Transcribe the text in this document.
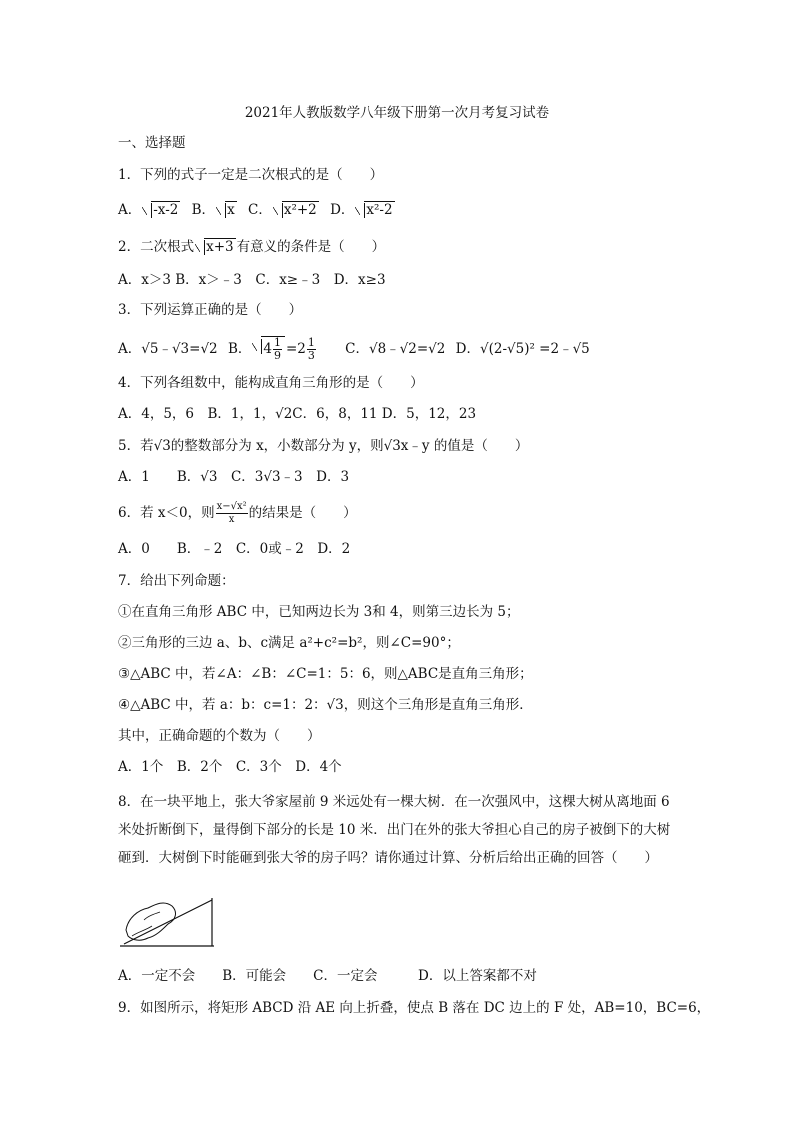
2021年人教版数学八年级下册第一次月考复习试卷
一、选择题
1．下列的式子一定是二次根式的是（　　）
A． -x-2 B． x C． x²+2 D． x²-2
2．二次根式 x+3 有意义的条件是（　　）
A．x＞3 B．x＞﹣3　C．x≥﹣3　D．x≥3
3．下列运算正确的是（　　）
A．√5﹣√3=√2 B． $4 \frac{1}{9} =2 \frac{1}{3}$ C．√8﹣√2=√2 D．√(2-√5)² =2﹣√5
4．下列各组数中，能构成直角三角形的是（　　）
A．4，5，6　B．1，1，√2C．6，8，11 D．5，12，23
5．若√3的整数部分为 x，小数部分为 y，则√3x﹣y 的值是（　　）
A．1　　B．√3　C．3√3﹣3　D．3
6．若 x＜0，则 $\frac{\text{x−√x²}}{x}$ 的结果是（　　）
A．0　　B．﹣2　C．0或﹣2　D．2
7．给出下列命题：
①在直角三角形 ABC 中，已知两边长为 3和 4，则第三边长为 5；
②三角形的三边 a、b、c满足 a²+c²=b²，则∠C=90°；
③△ABC 中，若∠A：∠B：∠C=1：5：6，则△ABC是直角三角形；
④△ABC 中，若 a：b：c=1：2：√3，则这个三角形是直角三角形．
其中，正确命题的个数为（　　）
A．1个　B．2个　C．3个　D．4个
8．在一块平地上，张大爷家屋前 9 米远处有一棵大树．在一次强风中，这棵大树从离地面 6 米处折断倒下，量得倒下部分的长是 10 米．出门在外的张大爷担心自己的房子被倒下的大树砸到．大树倒下时能砸到张大爷的房子吗？请你通过计算、分析后给出正确的回答（　　）
A．一定不会　　B．可能会　　C．一定会　　　D．以上答案都不对
9．如图所示，将矩形 ABCD 沿 AE 向上折叠，使点 B 落在 DC 边上的 F 处，AB=10，BC=6，
